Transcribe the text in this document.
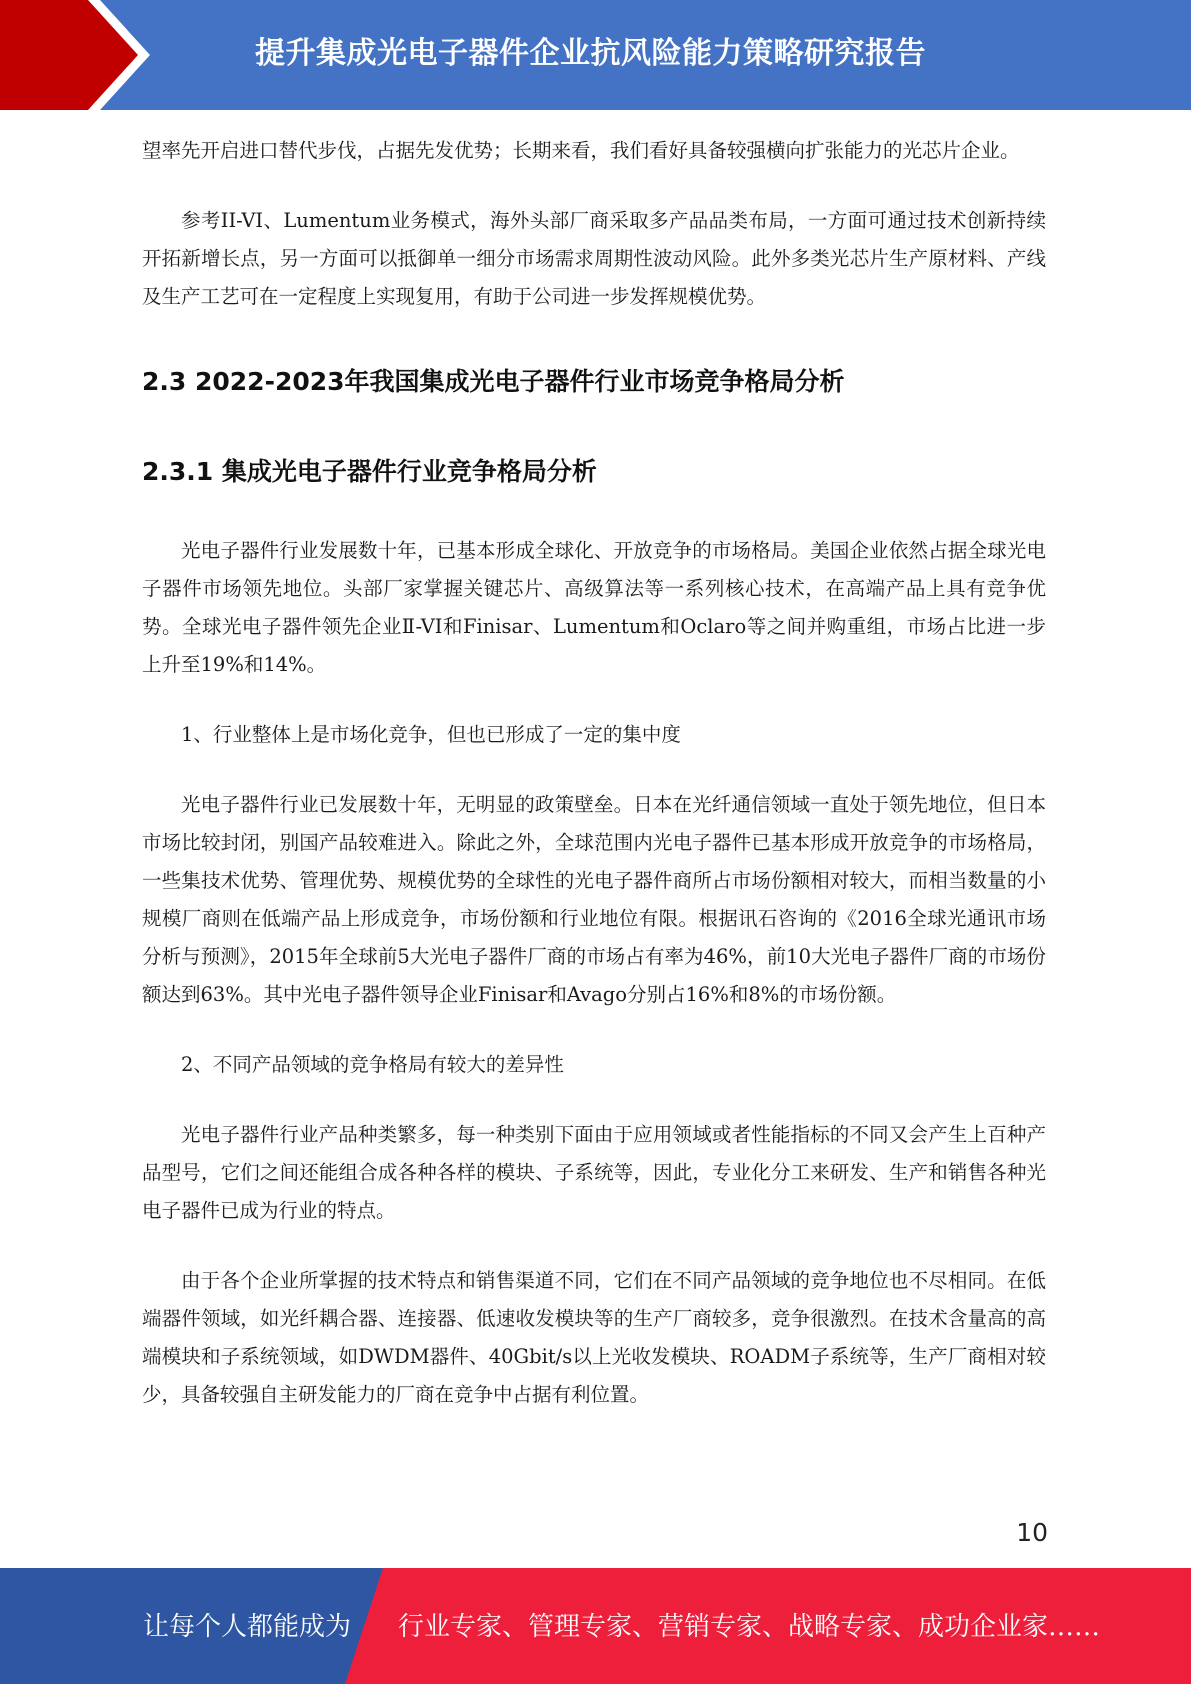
提升集成光电子器件企业抗风险能力策略研究报告

望率先开启进口替代步伐，占据先发优势；长期来看，我们看好具备较强横向扩张能力的光芯片企业。

参考II-VI、Lumentum业务模式，海外头部厂商采取多产品品类布局，一方面可通过技术创新持续开拓新增长点，另一方面可以抵御单一细分市场需求周期性波动风险。此外多类光芯片生产原材料、产线及生产工艺可在一定程度上实现复用，有助于公司进一步发挥规模优势。

2.3 2022-2023年我国集成光电子器件行业市场竞争格局分析
2.3.1 集成光电子器件行业竞争格局分析

光电子器件行业发展数十年，已基本形成全球化、开放竞争的市场格局。美国企业依然占据全球光电子器件市场领先地位。头部厂家掌握关键芯片、高级算法等一系列核心技术，在高端产品上具有竞争优势。全球光电子器件领先企业Ⅱ-VI和Finisar、Lumentum和Oclaro等之间并购重组，市场占比进一步上升至19%和14%。

1、行业整体上是市场化竞争，但也已形成了一定的集中度

光电子器件行业已发展数十年，无明显的政策壁垒。日本在光纤通信领域一直处于领先地位，但日本市场比较封闭，别国产品较难进入。除此之外，全球范围内光电子器件已基本形成开放竞争的市场格局，一些集技术优势、管理优势、规模优势的全球性的光电子器件商所占市场份额相对较大，而相当数量的小规模厂商则在低端产品上形成竞争，市场份额和行业地位有限。根据讯石咨询的《2016全球光通讯市场分析与预测》，2015年全球前5大光电子器件厂商的市场占有率为46%，前10大光电子器件厂商的市场份额达到63%。其中光电子器件领导企业Finisar和Avago分别占16%和8%的市场份额。

2、不同产品领域的竞争格局有较大的差异性

光电子器件行业产品种类繁多，每一种类别下面由于应用领域或者性能指标的不同又会产生上百种产品型号，它们之间还能组合成各种各样的模块、子系统等，因此，专业化分工来研发、生产和销售各种光电子器件已成为行业的特点。

由于各个企业所掌握的技术特点和销售渠道不同，它们在不同产品领域的竞争地位也不尽相同。在低端器件领域，如光纤耦合器、连接器、低速收发模块等的生产厂商较多，竞争很激烈。在技术含量高的高端模块和子系统领域，如DWDM器件、40Gbit/s以上光收发模块、ROADM子系统等，生产厂商相对较少，具备较强自主研发能力的厂商在竞争中占据有利位置。

10
让每个人都能成为 行业专家、管理专家、营销专家、战略专家、成功企业家……
